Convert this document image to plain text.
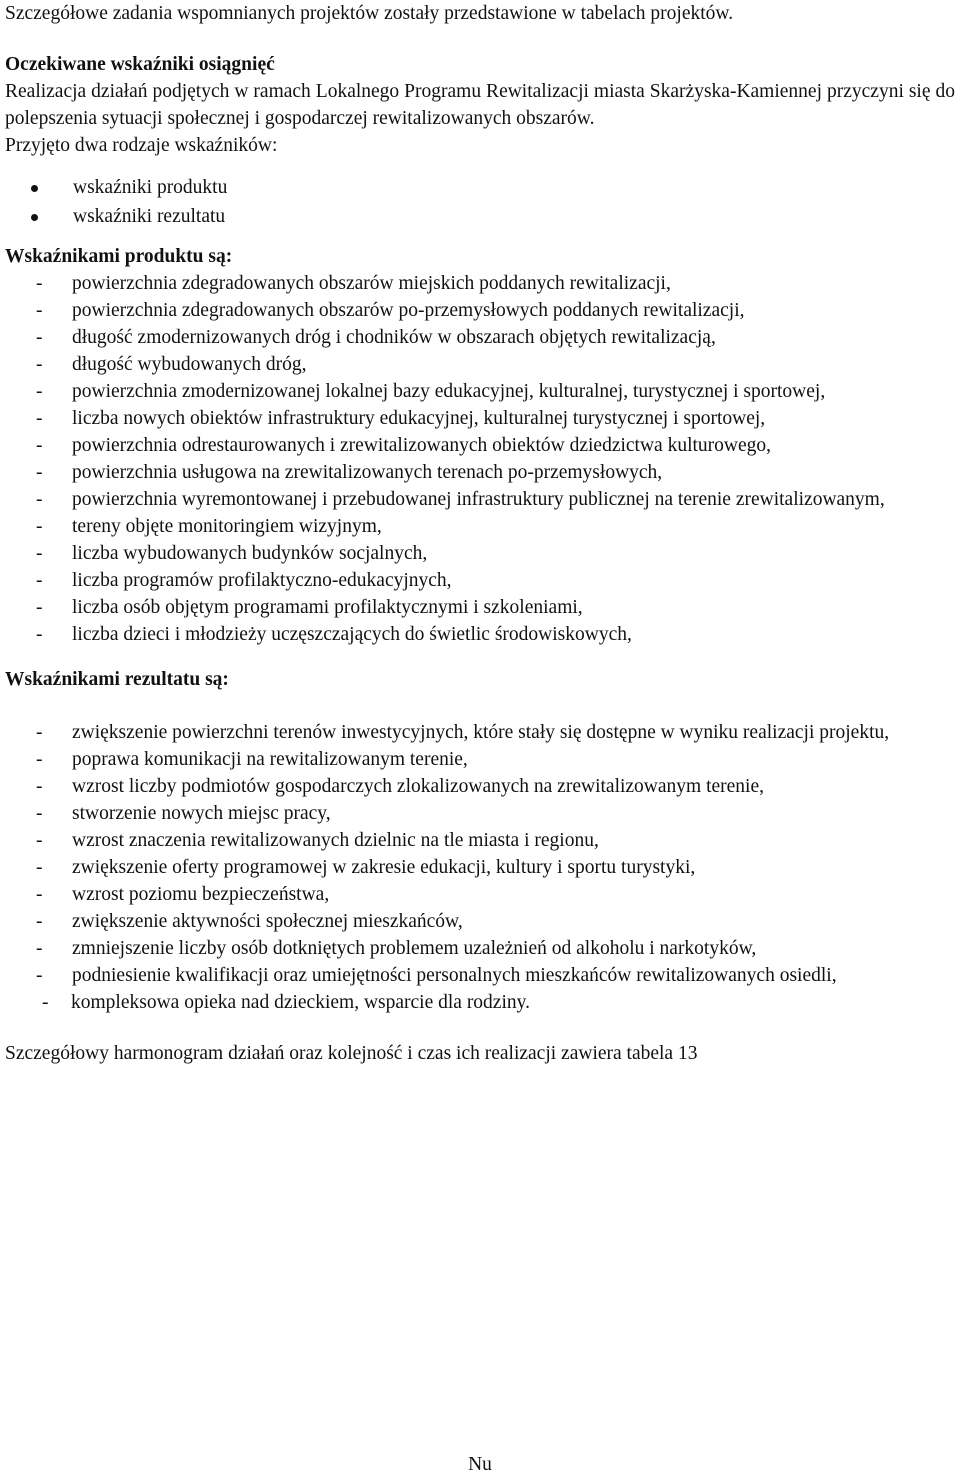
Szczegółowe zadania wspomnianych projektów zostały przedstawione w tabelach projektów.

Oczekiwane wskaźniki osiągnięć

Realizacja działań podjętych w ramach Lokalnego Programu Rewitalizacji miasta Skarżyska-Kamiennej przyczyni się do polepszenia sytuacji społecznej i gospodarczej rewitalizowanych obszarów.

Przyjęto dwa rodzaje wskaźników:

wskaźniki produktu
wskaźniki rezultatu

Wskaźnikami produktu są:

- powierzchnia zdegradowanych obszarów miejskich poddanych rewitalizacji,
- powierzchnia zdegradowanych obszarów po-przemysłowych poddanych rewitalizacji,
- długość zmodernizowanych dróg i chodników w obszarach objętych rewitalizacją,
- długość wybudowanych dróg,
- powierzchnia zmodernizowanej lokalnej bazy edukacyjnej, kulturalnej, turystycznej i sportowej,
- liczba nowych obiektów infrastruktury edukacyjnej, kulturalnej turystycznej i sportowej,
- powierzchnia odrestaurowanych i zrewitalizowanych obiektów dziedzictwa kulturowego,
- powierzchnia usługowa na zrewitalizowanych terenach po-przemysłowych,
- powierzchnia wyremontowanej i przebudowanej infrastruktury publicznej na terenie zrewitalizowanym,
- tereny objęte monitoringiem wizyjnym,
- liczba wybudowanych budynków socjalnych,
- liczba programów profilaktyczno-edukacyjnych,
- liczba osób objętym programami profilaktycznymi i szkoleniami,
- liczba dzieci i młodzieży uczęszczających do świetlic środowiskowych,

Wskaźnikami rezultatu są:

- zwiększenie powierzchni terenów inwestycyjnych, które stały się dostępne w wyniku realizacji projektu,
- poprawa komunikacji na rewitalizowanym terenie,
- wzrost liczby podmiotów gospodarczych zlokalizowanych na zrewitalizowanym terenie,
- stworzenie nowych miejsc pracy,
- wzrost znaczenia rewitalizowanych dzielnic na tle miasta i regionu,
- zwiększenie oferty programowej w zakresie edukacji, kultury i sportu turystyki,
- wzrost poziomu bezpieczeństwa,
- zwiększenie aktywności społecznej mieszkańców,
- zmniejszenie liczby osób dotkniętych problemem uzależnień od alkoholu i narkotyków,
- podniesienie kwalifikacji oraz umiejętności personalnych mieszkańców rewitalizowanych osiedli,
- kompleksowa opieka nad dzieckiem, wsparcie dla rodziny.

Szczegółowy harmonogram działań oraz kolejność i czas ich realizacji zawiera tabela 13

Nu
